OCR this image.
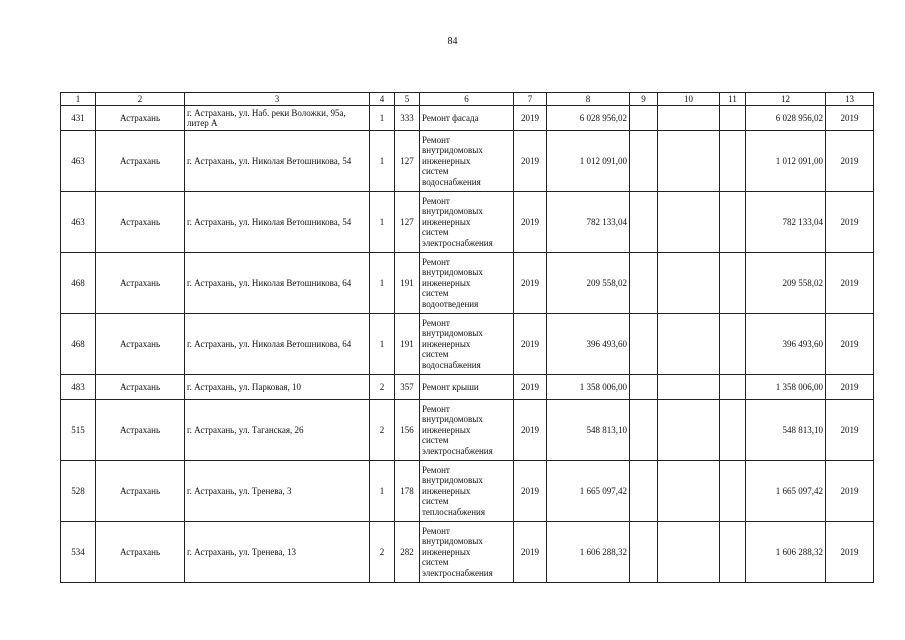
84
1	2	3	4	5	6	7	8	9	10	11	12	13
431	Астрахань	г. Астрахань, ул. Наб. реки Воложки, 95а, литер А	1	333	Ремонт фасада	2019	6 028 956,02				6 028 956,02	2019
463	Астрахань	г. Астрахань, ул. Николая Ветошникова, 54	1	127	Ремонт
внутридомовых
инженерных
систем
водоснабжения	2019	1 012 091,00				1 012 091,00	2019
463	Астрахань	г. Астрахань, ул. Николая Ветошникова, 54	1	127	Ремонт
внутридомовых
инженерных
систем
электроснабжения	2019	782 133,04				782 133,04	2019
468	Астрахань	г. Астрахань, ул. Николая Ветошникова, 64	1	191	Ремонт
внутридомовых
инженерных
систем
водоотведения	2019	209 558,02				209 558,02	2019
468	Астрахань	г. Астрахань, ул. Николая Ветошникова, 64	1	191	Ремонт
внутридомовых
инженерных
систем
водоснабжения	2019	396 493,60				396 493,60	2019
483	Астрахань	г. Астрахань, ул. Парковая, 10	2	357	Ремонт крыши	2019	1 358 006,00				1 358 006,00	2019
515	Астрахань	г. Астрахань, ул. Таганская, 26	2	156	Ремонт
внутридомовых
инженерных
систем
электроснабжения	2019	548 813,10				548 813,10	2019
528	Астрахань	г. Астрахань, ул. Тренева, 3	1	178	Ремонт
внутридомовых
инженерных
систем
теплоснабжения	2019	1 665 097,42				1 665 097,42	2019
534	Астрахань	г. Астрахань, ул. Тренева, 13	2	282	Ремонт
внутридомовых
инженерных
систем
электроснабжения	2019	1 606 288,32				1 606 288,32	2019
